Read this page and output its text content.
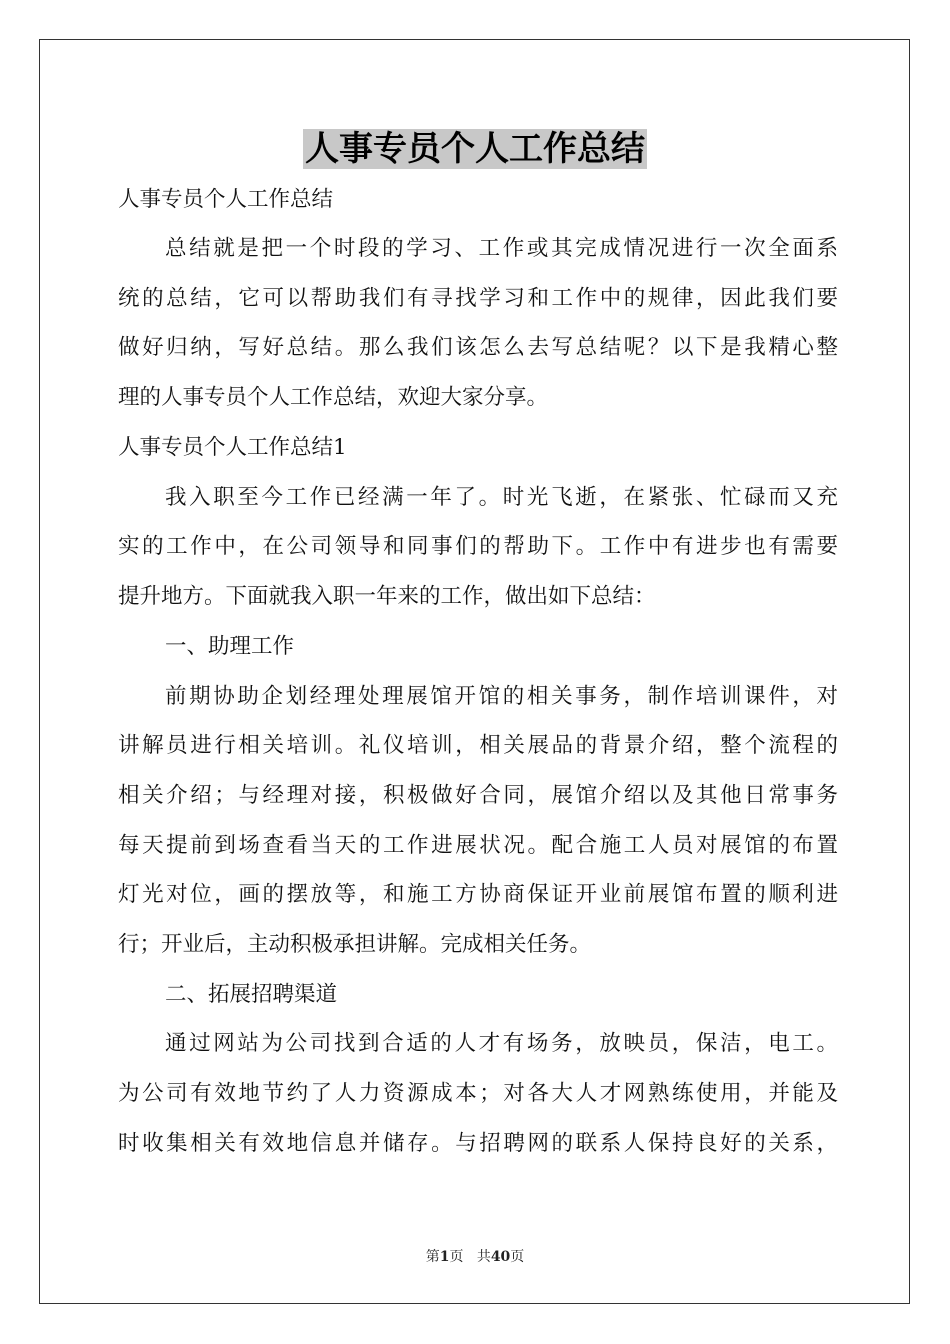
人事专员个人工作总结
人事专员个人工作总结
总结就是把一个时段的学习、工作或其完成情况进行一次全面系
统的总结，它可以帮助我们有寻找学习和工作中的规律，因此我们要
做好归纳，写好总结。那么我们该怎么去写总结呢？以下是我精心整
理的人事专员个人工作总结，欢迎大家分享。
人事专员个人工作总结1
我入职至今工作已经满一年了。时光飞逝，在紧张、忙碌而又充
实的工作中，在公司领导和同事们的帮助下。工作中有进步也有需要
提升地方。下面就我入职一年来的工作，做出如下总结：
一、助理工作
前期协助企划经理处理展馆开馆的相关事务，制作培训课件，对
讲解员进行相关培训。礼仪培训，相关展品的背景介绍，整个流程的
相关介绍；与经理对接，积极做好合同，展馆介绍以及其他日常事务
每天提前到场查看当天的工作进展状况。配合施工人员对展馆的布置
灯光对位，画的摆放等，和施工方协商保证开业前展馆布置的顺利进
行；开业后，主动积极承担讲解。完成相关任务。
二、拓展招聘渠道
通过网站为公司找到合适的人才有场务，放映员，保洁，电工。
为公司有效地节约了人力资源成本；对各大人才网熟练使用，并能及
时收集相关有效地信息并储存。与招聘网的联系人保持良好的关系，
第1页 共40页
